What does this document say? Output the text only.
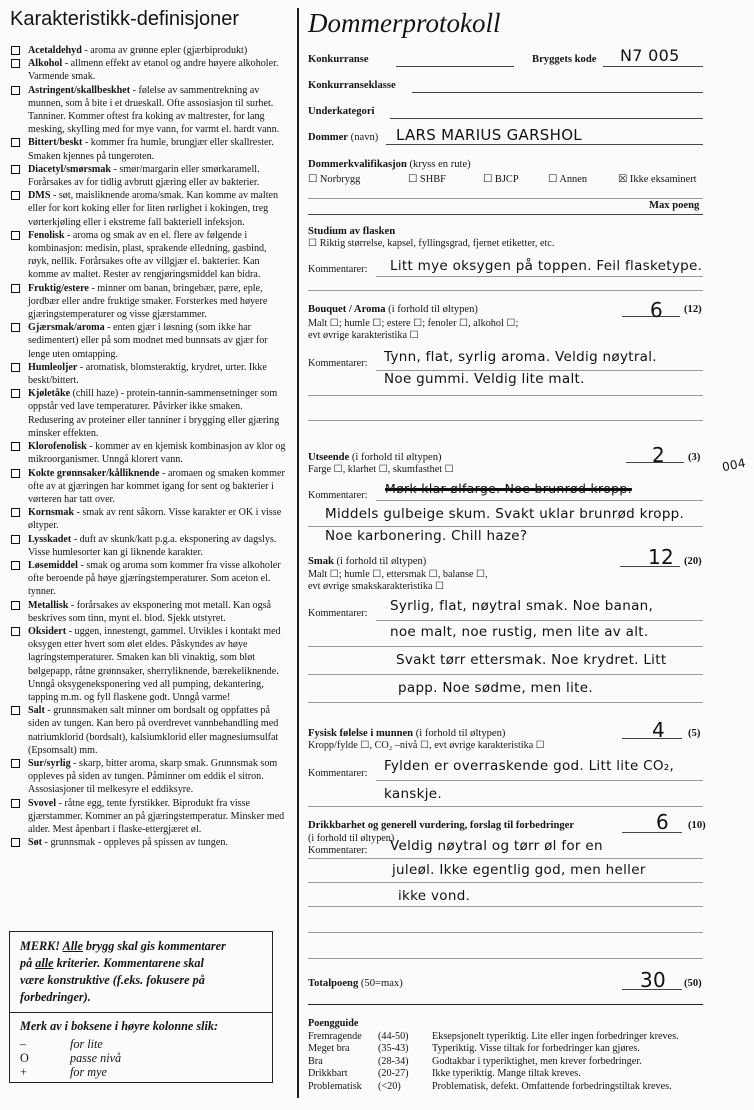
Karakteristikk-definisjoner
Acetaldehyd - aroma av grønne epler (gjærbiprodukt)
Alkohol - allmenn effekt av etanol og andre høyere alkoholer. Varmende smak.
Astringent/skallbeskhet - følelse av sammentrekning av munnen, som å bite i et drueskall. Ofte assosiasjon til surhet. Tanniner. Kommer oftest fra koking av maltrester, for lang mesking, skylling med for mye vann, for varmt el. hardt vann.
Bittert/beskt - kommer fra humle, brungjær eller skallrester. Smaken kjennes på tungeroten.
Diacetyl/smørsmak - smør/margarin eller smørkaramell. Forårsakes av for tidlig avbrutt gjæring eller av bakterier.
DMS - søt, maisliknende aroma/smak. Kan komme av malten eller for kort koking eller for liten rørlighet i kokingen, treg vørterkjøling eller i ekstreme fall bakteriell infeksjon.
Fenolisk - aroma og smak av en el. flere av følgende i kombinasjon: medisin, plast, sprakende elledning, gasbind, røyk, nellik. Forårsakes ofte av villgjær el. bakterier. Kan komme av maltet. Rester av rengjøringsmiddel kan bidra.
Fruktig/estere - minner om banan, bringebær, pære, eple, jordbær eller andre fruktige smaker. Forsterkes med høyere gjæringstemperaturer og visse gjærstammer.
Gjærsmak/aroma - enten gjær i løsning (som ikke har sedimentert) eller på som modnet med bunnsats av gjær for lenge uten omtapping.
Humleoljer - aromatisk, blomsteraktig, krydret, urter. Ikke beskt/bittert.
Kjøletåke (chill haze) - protein-tannin-sammensetninger som oppstår ved lave temperaturer. Påvirker ikke smaken. Redusering av proteiner eller tanniner i brygging eller gjæring minsker effekten.
Klorofenolisk - kommer av en kjemisk kombinasjon av klor og mikroorganismer. Unngå klorert vann.
Kokte grønnsaker/kålliknende - aromaen og smaken kommer ofte av at gjæringen har kommet igang for sent og bakterier i vørteren har tatt over.
Kornsmak - smak av rent såkorn. Visse karakter er OK i visse øltyper.
Lysskadet - duft av skunk/katt p.g.a. eksponering av dagslys. Visse humlesorter kan gi liknende karakter.
Løsemiddel - smak og aroma som kommer fra visse alkoholer ofte beroende på høye gjæringstemperaturer. Som aceton el. tynner.
Metallisk - forårsakes av eksponering mot metall. Kan også beskrives som tinn, mynt el. blod. Sjekk utstyret.
Oksidert - uggen, innestengt, gammel. Utvikles i kontakt med oksygen etter hvert som ølet eldes. Påskyndes av høye lagringstemperaturer. Smaken kan bli vinaktig, som bløt bølgepapp, råtne grønnsaker, sherryliknende, bærekeliknende. Unngå oksygeneksponering ved all pumping, dekantering, tapping m.m. og fyll flaskene godt. Unngå varme!
Salt - grunnsmaken salt minner om bordsalt og oppfattes på siden av tungen. Kan bero på overdrevet vannbehandling med natriumklorid (bordsalt), kalsiumklorid eller magnesiumsulfat (Epsomsalt) mm.
Sur/syrlig - skarp, bitter aroma, skarp smak. Grunnsmak som oppleves på siden av tungen. Påminner om eddik el sitron. Assosiasjoner til melkesyre el eddiksyre.
Svovel - råtne egg, tente fyrstikker. Biprodukt fra visse gjærstammer. Kommer an på gjæringstemperatur. Minsker med alder. Mest åpenbart i flaske-ettergjæret øl.
Søt - grunnsmak - oppleves på spissen av tungen.
MERK! Alle brygg skal gis kommentarer
på alle kriterier. Kommentarene skal
være konstruktive (f.eks. fokusere på
forbedringer).
Merk av i boksene i høyre kolonne slik:
–	for lite
O	passe nivå
+	for mye
Dommerprotokoll
Konkurranse	Bryggets kode N7 005
Konkurranseklasse
Underkategori
Dommer (navn) LARS MARIUS GARSHOL
Dommerkvalifikasjon (kryss en rute)
☐ Norbrygg	☐ SHBF	☐ BJCP	☐ Annen	☒ Ikke eksaminert
Max poeng
Studium av flasken
☐ Riktig størrelse, kapsel, fyllingsgrad, fjernet etiketter, etc.
Kommentarer: Litt mye oksygen på toppen. Feil flasketype.
Bouquet / Aroma (i forhold til øltypen)
Malt ☐; humle ☐; estere ☐; fenoler ☐, alkohol ☐;
evt øvrige karakteristika ☐
6 (12)
Kommentarer: Tynn, flat, syrlig aroma. Veldig nøytral.
Noe gummi. Veldig lite malt.
Utseende (i forhold til øltypen)
Farge ☐, klarhet ☐, skumfasthet ☐
2 (3) 004
Kommentarer: Mørk klar ølfarge. Noe brunrød kropp.
Middels gulbeige skum. Svakt uklar brunrød kropp.
Noe karbonering. Chill haze?
Smak (i forhold til øltypen)
Malt ☐; humle ☐, ettersmak ☐, balanse ☐,
evt øvrige smakskarakteristika ☐
12 (20)
Kommentarer: Syrlig, flat, nøytral smak. Noe banan,
noe malt, noe rustig, men lite av alt.
Svakt tørr ettersmak. Noe krydret. Litt
papp. Noe sødme, men lite.
Fysisk følelse i munnen (i forhold til øltypen)
Kropp/fylde ☐, CO₂ –nivå ☐, evt øvrige karakteristika ☐
4 (5)
Kommentarer: Fylden er overraskende god. Litt lite CO₂,
kanskje.
Drikkbarhet og generell vurdering, forslag til forbedringer
(i forhold til øltypen)
Kommentarer:
6 (10)
Veldig nøytral og tørr øl for en
juleøl. Ikke egentlig god, men heller
ikke vond.
Totalpoeng (50=max)	30 (50)
Poengguide
Fremragende	(44-50)	Eksepsjonelt typeriktig. Lite eller ingen forbedringer kreves.
Meget bra	(35-43)	Typeriktig. Visse tiltak for forbedringer kan gjøres.
Bra	(28-34)	Godtakbar i typeriktighet, men krever forbedringer.
Drikkbart	(20-27)	Ikke typeriktig. Mange tiltak kreves.
Problematisk	(<20)	Problematisk, defekt. Omfattende forbedringstiltak kreves.
